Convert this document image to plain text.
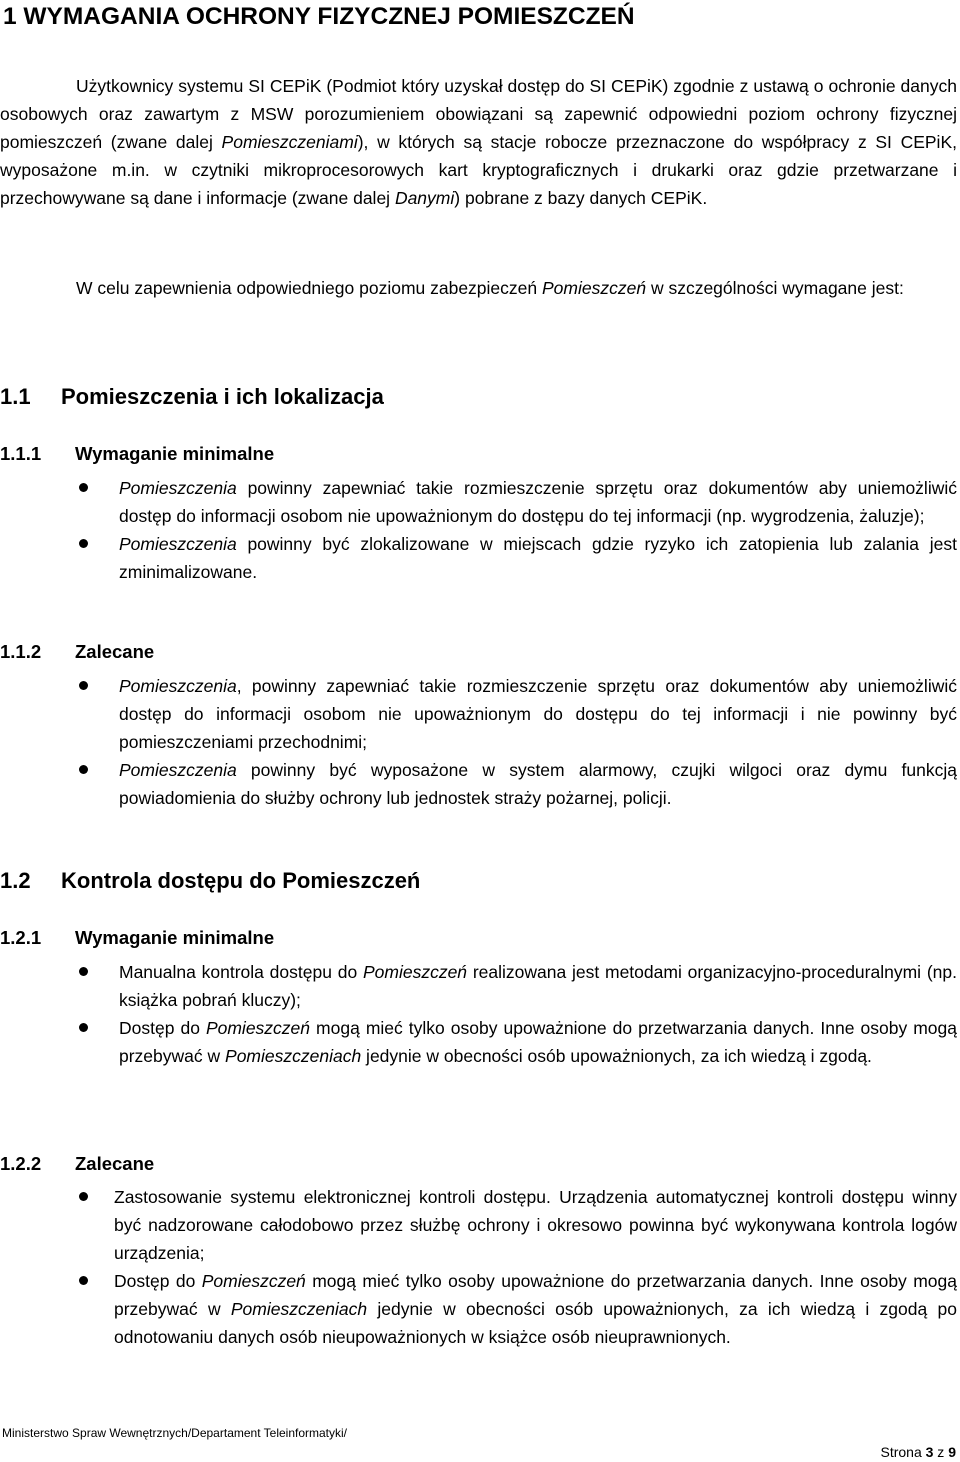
1 WYMAGANIA OCHRONY FIZYCZNEJ POMIESZCZEŃ

Użytkownicy systemu SI CEPiK (Podmiot który uzyskał dostęp do SI CEPiK) zgodnie z ustawą o ochronie danych osobowych oraz zawartym z MSW porozumieniem obowiązani są zapewnić odpowiedni poziom ochrony fizycznej pomieszczeń (zwane dalej Pomieszczeniami), w których są stacje robocze przeznaczone do współpracy z SI CEPiK, wyposażone m.in. w czytniki mikroprocesorowych kart kryptograficznych i drukarki oraz gdzie przetwarzane i przechowywane są dane i informacje (zwane dalej Danymi) pobrane z bazy danych CEPiK.

W celu zapewnienia odpowiedniego poziomu zabezpieczeń Pomieszczeń w szczególności wymagane jest:

1.1 Pomieszczenia i ich lokalizacja
1.1.1 Wymaganie minimalne
Pomieszczenia powinny zapewniać takie rozmieszczenie sprzętu oraz dokumentów aby uniemożliwić dostęp do informacji osobom nie upoważnionym do dostępu do tej informacji (np. wygrodzenia, żaluzje);
Pomieszczenia powinny być zlokalizowane w miejscach gdzie ryzyko ich zatopienia lub zalania jest zminimalizowane.
1.1.2 Zalecane
Pomieszczenia, powinny zapewniać takie rozmieszczenie sprzętu oraz dokumentów aby uniemożliwić dostęp do informacji osobom nie upoważnionym do dostępu do tej informacji i nie powinny być pomieszczeniami przechodnimi;
Pomieszczenia powinny być wyposażone w system alarmowy, czujki wilgoci oraz dymu funkcją powiadomienia do służby ochrony lub jednostek straży pożarnej, policji.
1.2 Kontrola dostępu do Pomieszczeń
1.2.1 Wymaganie minimalne
Manualna kontrola dostępu do Pomieszczeń realizowana jest metodami organizacyjno-proceduralnymi (np. książka pobrań kluczy);
Dostęp do Pomieszczeń mogą mieć tylko osoby upoważnione do przetwarzania danych. Inne osoby mogą przebywać w Pomieszczeniach jedynie w obecności osób upoważnionych, za ich wiedzą i zgodą.
1.2.2 Zalecane
Zastosowanie systemu elektronicznej kontroli dostępu. Urządzenia automatycznej kontroli dostępu winny być nadzorowane całodobowo przez służbę ochrony i okresowo powinna być wykonywana kontrola logów urządzenia;
Dostęp do Pomieszczeń mogą mieć tylko osoby upoważnione do przetwarzania danych. Inne osoby mogą przebywać w Pomieszczeniach jedynie w obecności osób upoważnionych, za ich wiedzą i zgodą po odnotowaniu danych osób nieupoważnionych w książce osób nieuprawnionych.
Ministerstwo Spraw Wewnętrznych/Departament Teleinformatyki/
Strona 3 z 9
